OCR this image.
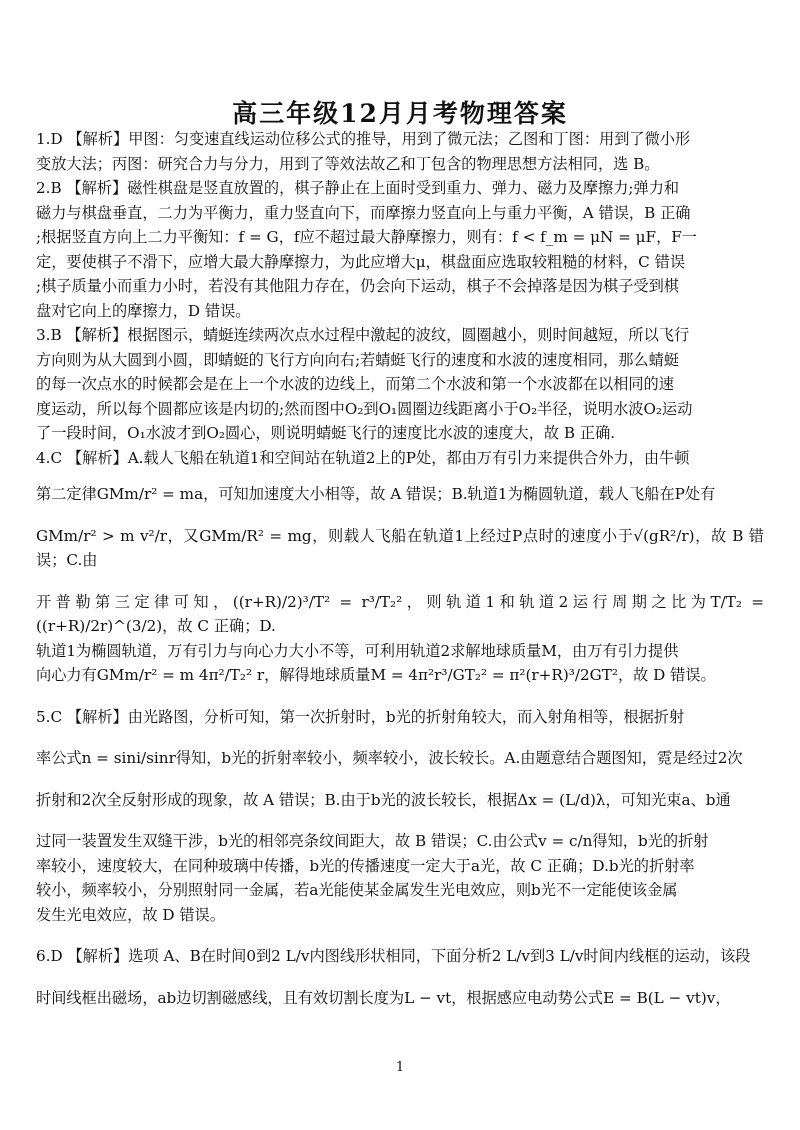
高三年级12月月考物理答案

1.D 【解析】甲图：匀变速直线运动位移公式的推导，用到了微元法；乙图和丁图：用到了微小形

变放大法；丙图：研究合力与分力，用到了等效法故乙和丁包含的物理思想方法相同，选 B。

2.B 【解析】磁性棋盘是竖直放置的，棋子静止在上面时受到重力、弹力、磁力及摩擦力;弹力和

磁力与棋盘垂直，二力为平衡力，重力竖直向下，而摩擦力竖直向上与重力平衡，A 错误，B 正确

;根据竖直方向上二力平衡知：f = G，f应不超过最大静摩擦力，则有：f < f_m = μN = μF，F一

定，要使棋子不滑下，应增大最大静摩擦力，为此应增大μ，棋盘面应选取较粗糙的材料，C 错误

;棋子质量小而重力小时，若没有其他阻力存在，仍会向下运动，棋子不会掉落是因为棋子受到棋

盘对它向上的摩擦力，D 错误。

3.B 【解析】根据图示，蜻蜓连续两次点水过程中激起的波纹，圆圈越小，则时间越短，所以飞行

方向则为从大圆到小圆，即蜻蜓的飞行方向向右;若蜻蜓飞行的速度和水波的速度相同，那么蜻蜓

的每一次点水的时候都会是在上一个水波的边线上，而第二个水波和第一个水波都在以相同的速

度运动，所以每个圆都应该是内切的;然而图中O₂到O₁圆圈边线距离小于O₂半径，说明水波O₂运动

了一段时间，O₁水波才到O₂圆心，则说明蜻蜓飞行的速度比水波的速度大，故 B 正确.

4.C 【解析】A.载人飞船在轨道1和空间站在轨道2上的P处，都由万有引力来提供合外力，由牛顿

第二定律GMm/r² = ma，可知加速度大小相等，故 A 错误；B.轨道1为椭圆轨道，载人飞船在P处有

GMm/r² > m v²/r，又GMm/R² = mg，则载人飞船在轨道1上经过P点时的速度小于√(gR²/r)，故 B 错误；C.由

开普勒第三定律可知，((r+R)/2)³/T² = r³/T₂²，则轨道1和轨道2运行周期之比为T/T₂ = ((r+R)/2r)^(3/2)，故 C 正确；D.

轨道1为椭圆轨道，万有引力与向心力大小不等，可利用轨道2求解地球质量M，由万有引力提供

向心力有GMm/r² = m 4π²/T₂² r，解得地球质量M = 4π²r³/GT₂² = π²(r+R)³/2GT²，故 D 错误。

5.C 【解析】由光路图，分析可知，第一次折射时，b光的折射角较大，而入射角相等，根据折射

率公式n = sini/sinr得知，b光的折射率较小，频率较小，波长较长。A.由题意结合题图知，霓是经过2次

折射和2次全反射形成的现象，故 A 错误；B.由于b光的波长较长，根据Δx = (L/d)λ，可知光束a、b通

过同一装置发生双缝干涉，b光的相邻亮条纹间距大，故 B 错误；C.由公式v = c/n得知，b光的折射

率较小，速度较大，在同种玻璃中传播，b光的传播速度一定大于a光，故 C 正确；D.b光的折射率

较小，频率较小，分别照射同一金属，若a光能使某金属发生光电效应，则b光不一定能使该金属

发生光电效应，故 D 错误。

6.D 【解析】选项 A、B在时间0到2 L/v内图线形状相同，下面分析2 L/v到3 L/v时间内线框的运动，该段

时间线框出磁场，ab边切割磁感线，且有效切割长度为L − vt，根据感应电动势公式E = B(L − vt)v，

1
